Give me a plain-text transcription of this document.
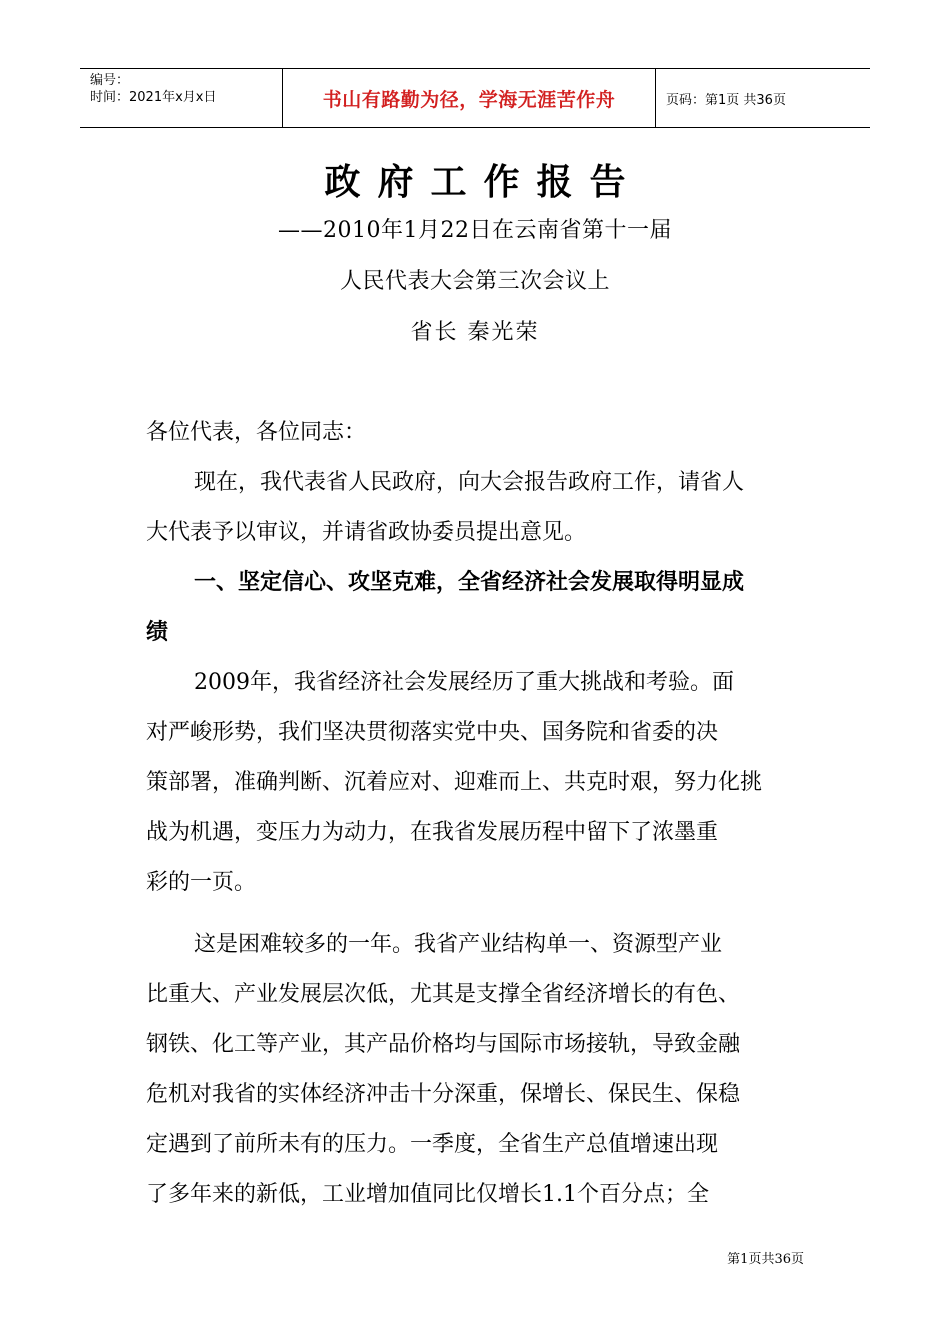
编号：
时间：2021年x月x日	书山有路勤为径，学海无涯苦作舟	页码：第1页 共36页
政府工作报告
——2010年1月22日在云南省第十一届
人民代表大会第三次会议上
省长 秦光荣
各位代表，各位同志：
现在，我代表省人民政府，向大会报告政府工作，请省人
大代表予以审议，并请省政协委员提出意见。
一、坚定信心、攻坚克难，全省经济社会发展取得明显成
绩
2009年，我省经济社会发展经历了重大挑战和考验。面
对严峻形势，我们坚决贯彻落实党中央、国务院和省委的决
策部署，准确判断、沉着应对、迎难而上、共克时艰，努力化挑
战为机遇，变压力为动力，在我省发展历程中留下了浓墨重
彩的一页。
这是困难较多的一年。我省产业结构单一、资源型产业
比重大、产业发展层次低，尤其是支撑全省经济增长的有色、
钢铁、化工等产业，其产品价格均与国际市场接轨，导致金融
危机对我省的实体经济冲击十分深重，保增长、保民生、保稳
定遇到了前所未有的压力。一季度，全省生产总值增速出现
了多年来的新低，工业增加值同比仅增长1.1个百分点；全
第1页共36页
